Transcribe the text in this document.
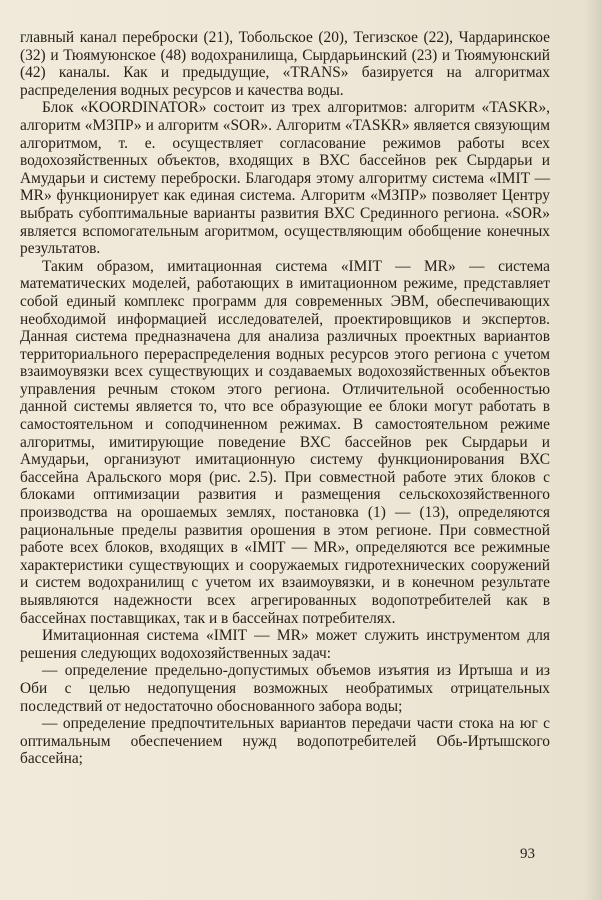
главный канал переброски (21), Тобольское (20), Тегизское (22), Чардаринское (32) и Тюямуюнское (48) водохранилища, Сырдарьинский (23) и Тюямуюнский (42) каналы. Как и предыдущие, «TRANS» базируется на алгоритмах распределения водных ресурсов и качества воды.

Блок «KOORDINATOR» состоит из трех алгоритмов: алгоритм «TASKR», алгоритм «МЗПР» и алгоритм «SOR». Алгоритм «TASKR» является связующим алгоритмом, т. е. осуществляет согласование режимов работы всех водохозяйственных объектов, входящих в ВХС бассейнов рек Сырдарьи и Амударьи и систему переброски. Благодаря этому алгоритму система «IMIT — MR» функционирует как единая система. Алгоритм «МЗПР» позволяет Центру выбрать субоптимальные варианты развития ВХС Срединного региона. «SOR» является вспомогательным агоритмом, осуществляющим обобщение конечных результатов.

Таким образом, имитационная система «IMIT — MR» — система математических моделей, работающих в имитационном режиме, представляет собой единый комплекс программ для современных ЭВМ, обеспечивающих необходимой информацией исследователей, проектировщиков и экспертов. Данная система предназначена для анализа различных проектных вариантов территориального перераспределения водных ресурсов этого региона с учетом взаимоувязки всех существующих и создаваемых водохозяйственных объектов управления речным стоком этого региона. Отличительной особенностью данной системы является то, что все образующие ее блоки могут работать в самостоятельном и соподчиненном режимах. В самостоятельном режиме алгоритмы, имитирующие поведение ВХС бассейнов рек Сырдарьи и Амударьи, организуют имитационную систему функционирования ВХС бассейна Аральского моря (рис. 2.5). При совместной работе этих блоков с блоками оптимизации развития и размещения сельскохозяйственного производства на орошаемых землях, постановка (1) — (13), определяются рациональные пределы развития орошения в этом регионе. При совместной работе всех блоков, входящих в «IMIT — MR», определяются все режимные характеристики существующих и сооружаемых гидротехнических сооружений и систем водохранилищ с учетом их взаимоувязки, и в конечном результате выявляются надежности всех агрегированных водопотребителей как в бассейнах поставщиках, так и в бассейнах потребителях.

Имитационная система «IMIT — MR» может служить инструментом для решения следующих водохозяйственных задач:

— определение предельно-допустимых объемов изъятия из Иртыша и из Оби с целью недопущения возможных необратимых отрицательных последствий от недостаточно обоснованного забора воды;

— определение предпочтительных вариантов передачи части стока на юг с оптимальным обеспечением нужд водопотребителей Обь-Иртышского бассейна;

93
